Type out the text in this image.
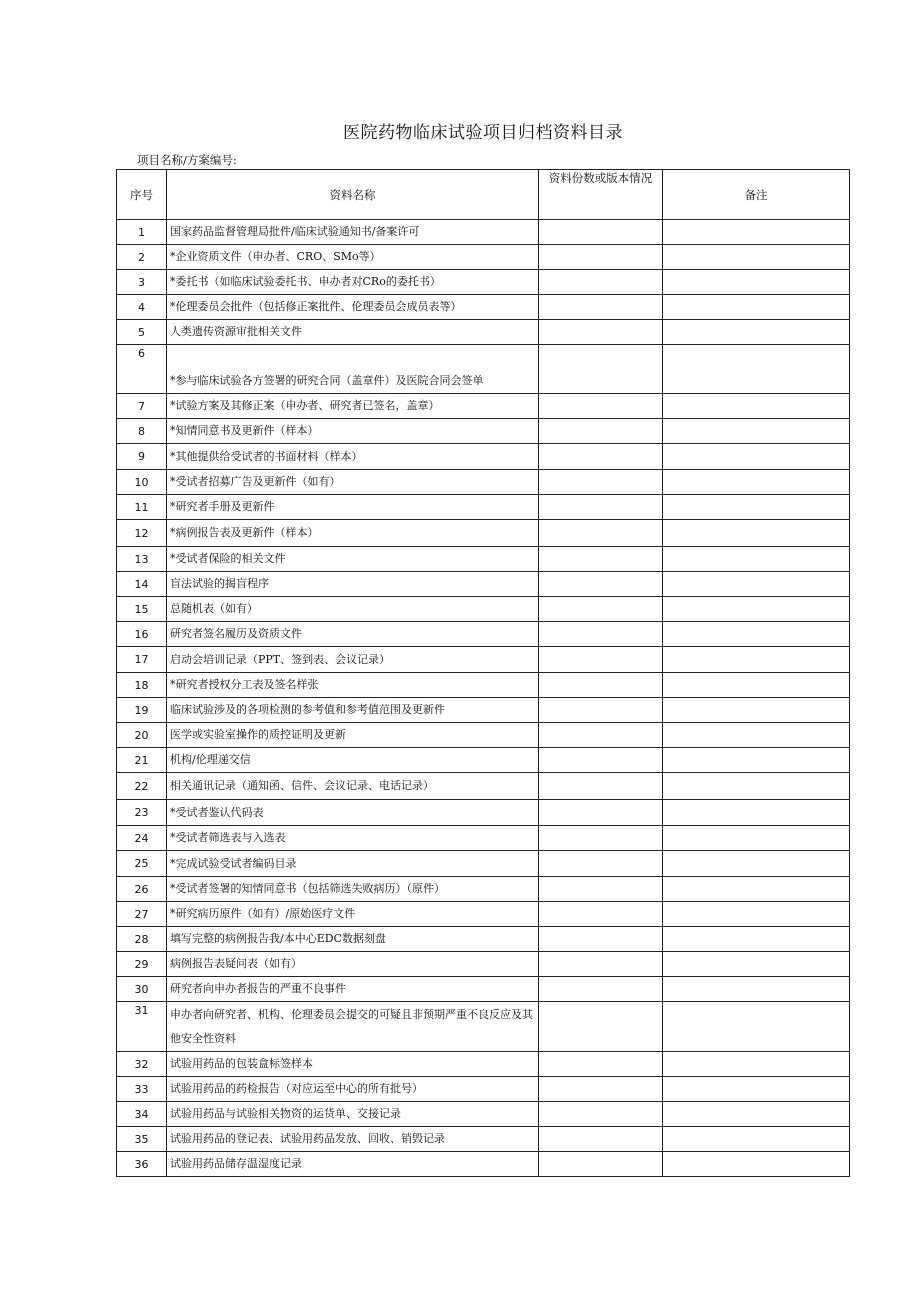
医院药物临床试验项目归档资料目录
项目名称/方案编号:
序号	资料名称	资料份数或版本情况	备注
1	国家药品监督管理局批件/临床试验通知书/备案许可		
2	*企业资质文件（申办者、CRO、SMo等）		
3	*委托书（如临床试验委托书、申办者对CRo的委托书）		
4	*伦理委员会批件（包括修正案批件、伦理委员会成员表等）		
5	人类遗传资源审批相关文件		
6	*参与临床试验各方签署的研究合同（盖章件）及医院合同会签单		
7	*试验方案及其修正案（申办者、研究者已签名，盖章）		
8	*知情同意书及更新件（样本）		
9	*其他提供给受试者的书面材料（样本）		
10	*受试者招募广告及更新件（如有）		
11	*研究者手册及更新件		
12	*病例报告表及更新件（样本）		
13	*受试者保险的相关文件		
14	盲法试验的揭盲程序		
15	总随机表（如有）		
16	研究者签名履历及资质文件		
17	启动会培训记录（PPT、签到表、会议记录）		
18	*研究者授权分工表及签名样张		
19	临床试验涉及的各项检测的参考值和参考值范围及更新件		
20	医学或实验室操作的质控证明及更新		
21	机构/伦理递交信		
22	相关通讯记录（通知函、信件、会议记录、电话记录）		
23	*受试者鉴认代码表		
24	*受试者筛选表与入选表		
25	*完成试验受试者编码目录		
26	*受试者签署的知情同意书（包括筛选失败病历）（原件）		
27	*研究病历原件（如有）/原始医疗文件		
28	填写完整的病例报告我/本中心EDC数据刻盘		
29	病例报告表疑问表（如有）		
30	研究者向申办者报告的严重不良事件		
31	申办者向研究者、机构、伦理委员会提交的可疑且非预期严重不良反应及其他安全性资料		
32	试验用药品的包装盒标签样本		
33	试验用药品的药检报告（对应运至中心的所有批号）		
34	试验用药品与试验相关物资的运货单、交接记录		
35	试验用药品的登记表、试验用药品发放、回收、销毁记录		
36	试验用药品储存温湿度记录		
